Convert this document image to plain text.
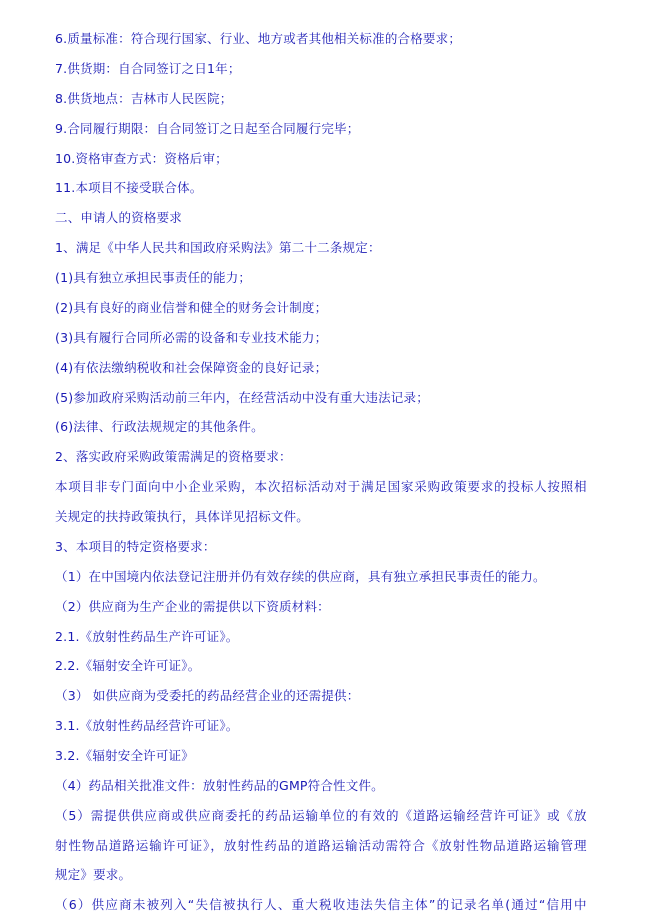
6.质量标准：符合现行国家、行业、地方或者其他相关标准的合格要求；
7.供货期：自合同签订之日1年；
8.供货地点：吉林市人民医院；
9.合同履行期限：自合同签订之日起至合同履行完毕；
10.资格审查方式：资格后审；
11.本项目不接受联合体。
二、申请人的资格要求
1、满足《中华人民共和国政府采购法》第二十二条规定：
(1)具有独立承担民事责任的能力；
(2)具有良好的商业信誉和健全的财务会计制度；
(3)具有履行合同所必需的设备和专业技术能力；
(4)有依法缴纳税收和社会保障资金的良好记录；
(5)参加政府采购活动前三年内，在经营活动中没有重大违法记录；
(6)法律、行政法规规定的其他条件。
2、落实政府采购政策需满足的资格要求：
本项目非专门面向中小企业采购，本次招标活动对于满足国家采购政策要求的投标人按照相
关规定的扶持政策执行，具体详见招标文件。
3、本项目的特定资格要求：
（1）在中国境内依法登记注册并仍有效存续的供应商，具有独立承担民事责任的能力。
（2）供应商为生产企业的需提供以下资质材料：
2.1.《放射性药品生产许可证》。
2.2.《辐射安全许可证》。
（3） 如供应商为受委托的药品经营企业的还需提供：
3.1.《放射性药品经营许可证》。
3.2.《辐射安全许可证》
（4）药品相关批准文件：放射性药品的GMP符合性文件。
（5）需提供供应商或供应商委托的药品运输单位的有效的《道路运输经营许可证》或《放
射性物品道路运输许可证》，放射性药品的道路运输活动需符合《放射性物品道路运输管理
规定》要求。
（6）供应商未被列入“失信被执行人、重大税收违法失信主体”的记录名单(通过“信用中
